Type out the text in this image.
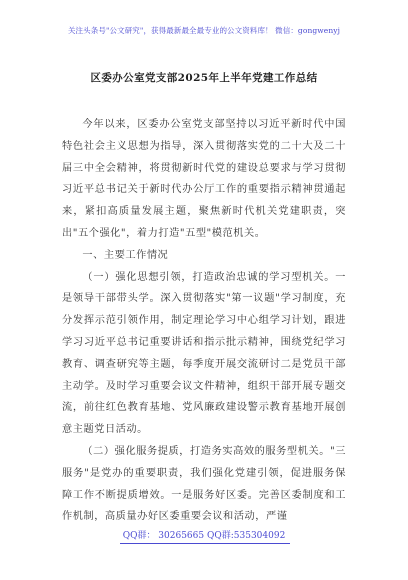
关注头条号"公文研究"，获得最新最全最专业的公文资料库！ 微信：gongwenyj
区委办公室党支部2025年上半年党建工作总结

今年以来，区委办公室党支部坚持以习近平新时代中国特色社会主义思想为指导，深入贯彻落实党的二十大及二十届三中全会精神，将贯彻新时代党的建设总要求与学习贯彻习近平总书记关于新时代办公厅工作的重要指示精神贯通起来，紧扣高质量发展主题，聚焦新时代机关党建职责，突出"五个强化"，着力打造"五型"模范机关。

一、主要工作情况

（一）强化思想引领，打造政治忠诚的学习型机关。一是领导干部带头学。深入贯彻落实"第一议题"学习制度，充分发挥示范引领作用，制定理论学习中心组学习计划，跟进学习习近平总书记重要讲话和指示批示精神，围绕党纪学习教育、调查研究等主题，每季度开展交流研讨二是党员干部主动学。及时学习重要会议文件精神，组织干部开展专题交流，前往红色教育基地、党风廉政建设警示教育基地开展创意主题党日活动。

（二）强化服务提质，打造务实高效的服务型机关。"三服务"是党办的重要职责，我们强化党建引领，促进服务保障工作不断提质增效。一是服务好区委。完善区委制度和工作机制，高质量办好区委重要会议和活动，严谨

QQ群： 30265665 QQ群:535304092
